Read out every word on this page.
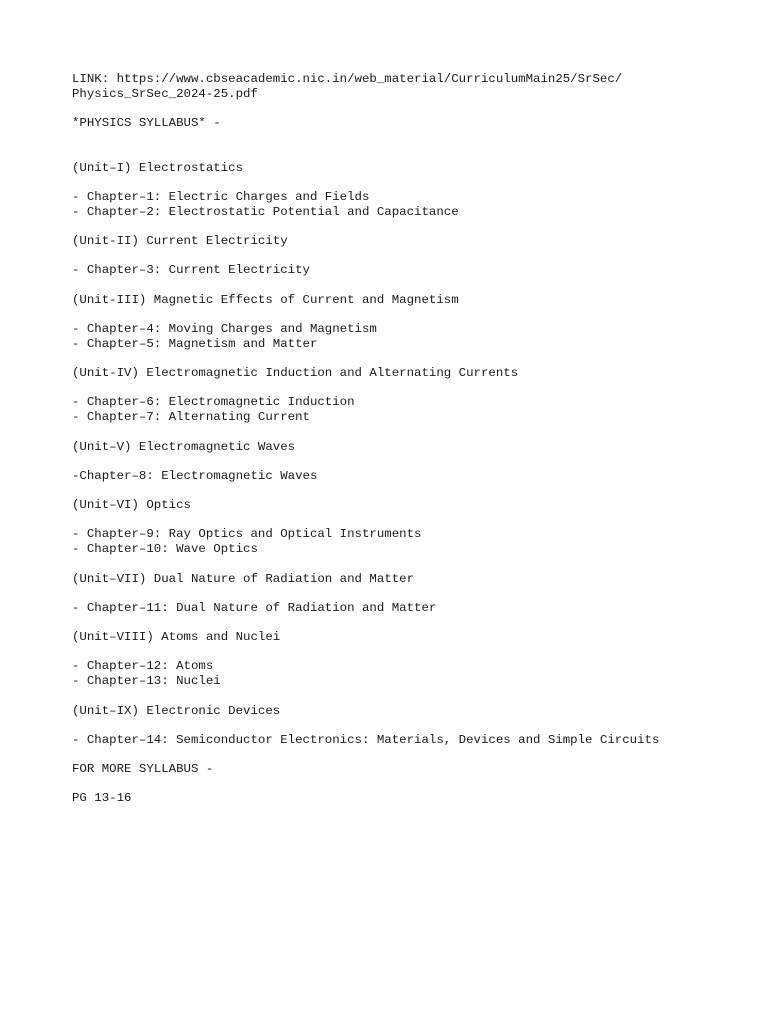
LINK: https://www.cbseacademic.nic.in/web_material/CurriculumMain25/SrSec/
Physics_SrSec_2024-25.pdf
*PHYSICS SYLLABUS* -
(Unit–I) Electrostatics
- Chapter–1: Electric Charges and Fields
- Chapter–2: Electrostatic Potential and Capacitance
(Unit-II) Current Electricity
- Chapter–3: Current Electricity
(Unit-III) Magnetic Effects of Current and Magnetism
- Chapter–4: Moving Charges and Magnetism
- Chapter–5: Magnetism and Matter
(Unit-IV) Electromagnetic Induction and Alternating Currents
- Chapter–6: Electromagnetic Induction
- Chapter–7: Alternating Current
(Unit–V) Electromagnetic Waves
-Chapter–8: Electromagnetic Waves
(Unit–VI) Optics
- Chapter–9: Ray Optics and Optical Instruments
- Chapter–10: Wave Optics
(Unit–VII) Dual Nature of Radiation and Matter
- Chapter–11: Dual Nature of Radiation and Matter
(Unit–VIII) Atoms and Nuclei
- Chapter–12: Atoms
- Chapter–13: Nuclei
(Unit–IX) Electronic Devices
- Chapter–14: Semiconductor Electronics: Materials, Devices and Simple Circuits
FOR MORE SYLLABUS -
PG 13-16
